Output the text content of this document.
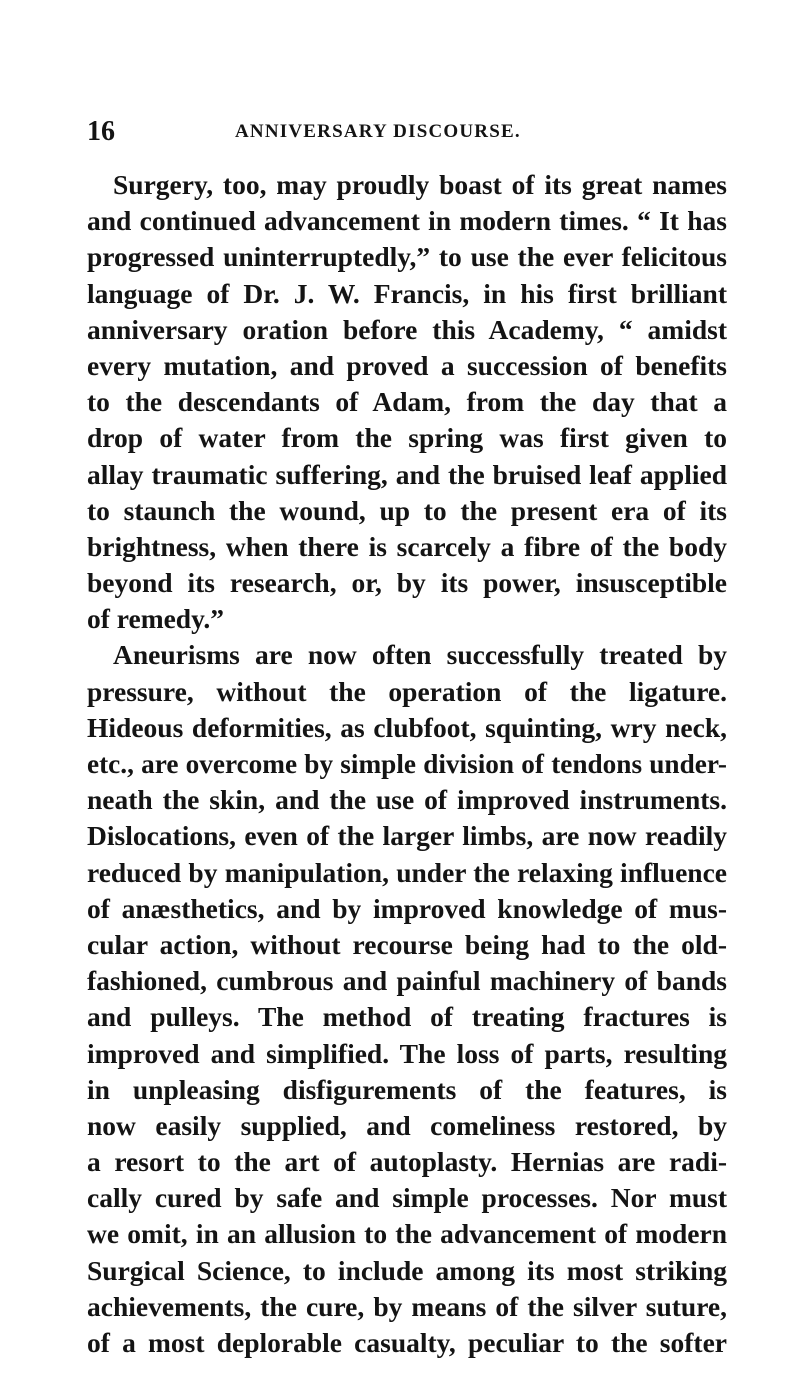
16	ANNIVERSARY DISCOURSE.
Surgery, too, may proudly boast of its great names
and continued advancement in modern times. “ It has
progressed uninterruptedly,” to use the ever felicitous
language of Dr. J. W. Francis, in his first brilliant
anniversary oration before this Academy, “ amidst
every mutation, and proved a succession of benefits
to the descendants of Adam, from the day that a
drop of water from the spring was first given to
allay traumatic suffering, and the bruised leaf applied
to staunch the wound, up to the present era of its
brightness, when there is scarcely a fibre of the body
beyond its research, or, by its power, insusceptible
of remedy.”
Aneurisms are now often successfully treated by
pressure, without the operation of the ligature.
Hideous deformities, as clubfoot, squinting, wry neck,
etc., are overcome by simple division of tendons under-
neath the skin, and the use of improved instruments.
Dislocations, even of the larger limbs, are now readily
reduced by manipulation, under the relaxing influence
of anæsthetics, and by improved knowledge of mus-
cular action, without recourse being had to the old-
fashioned, cumbrous and painful machinery of bands
and pulleys. The method of treating fractures is
improved and simplified. The loss of parts, resulting
in unpleasing disfigurements of the features, is
now easily supplied, and comeliness restored, by
a resort to the art of autoplasty. Hernias are radi-
cally cured by safe and simple processes. Nor must
we omit, in an allusion to the advancement of modern
Surgical Science, to include among its most striking
achievements, the cure, by means of the silver suture,
of a most deplorable casualty, peculiar to the softer
